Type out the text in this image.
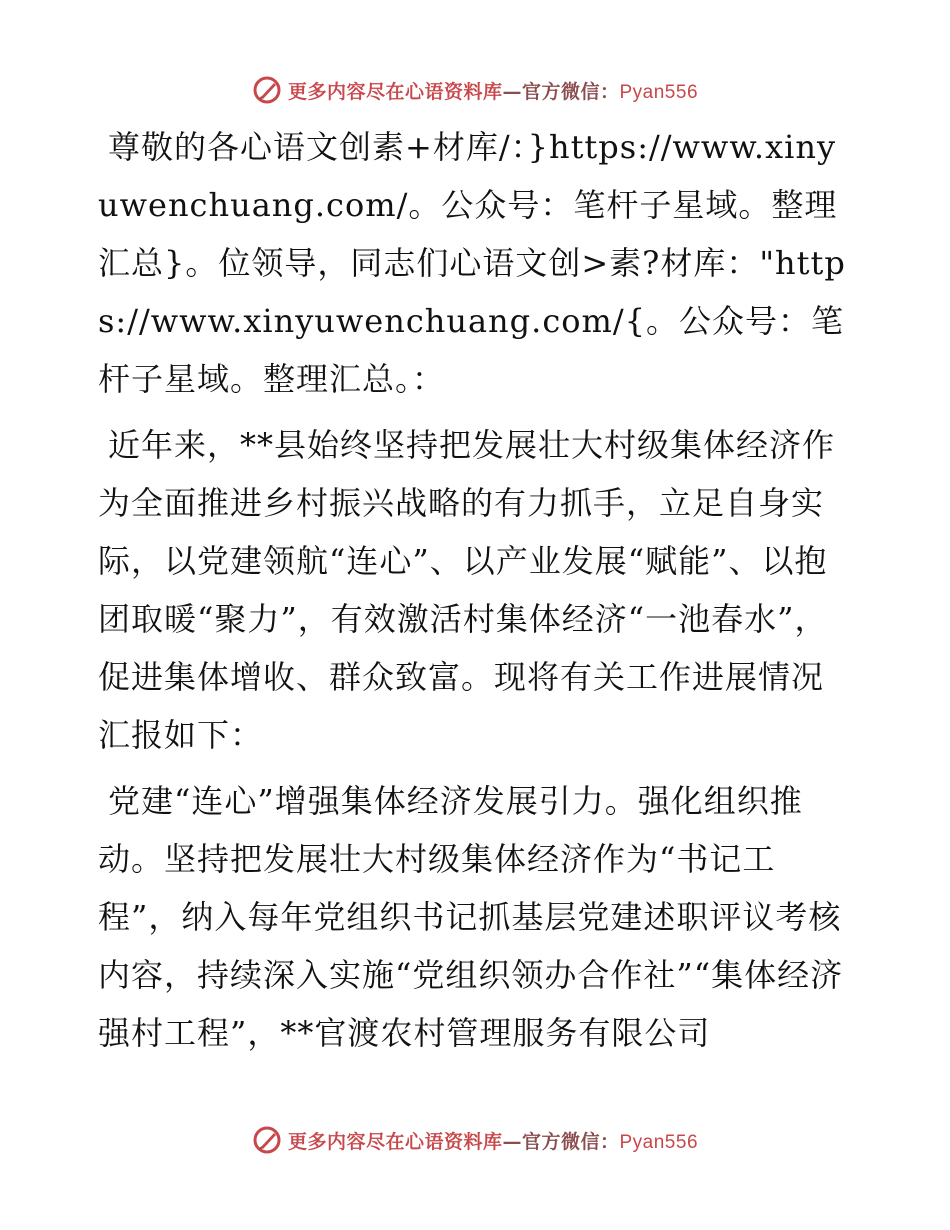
更多内容尽在心语资料库—官方微信：Pyan556

尊敬的各心语文创素+材库/：}https://www.xinyuwenchuang.com/。公众号：笔杆子星域。整理汇总}。位领导，同志们心语文创>素?材库："https://www.xinyuwenchuang.com/{。公众号：笔杆子星域。整理汇总。：

近年来，**县始终坚持把发展壮大村级集体经济作为全面推进乡村振兴战略的有力抓手，立足自身实际，以党建领航“连心”、以产业发展“赋能”、以抱团取暖“聚力”，有效激活村集体经济“一池春水”，促进集体增收、群众致富。现将有关工作进展情况汇报如下：

党建“连心”增强集体经济发展引力。强化组织推动。坚持把发展壮大村级集体经济作为“书记工程”，纳入每年党组织书记抓基层党建述职评议考核内容，持续深入实施“党组织领办合作社”“集体经济强村工程”，**官渡农村管理服务有限公司

更多内容尽在心语资料库—官方微信：Pyan556
